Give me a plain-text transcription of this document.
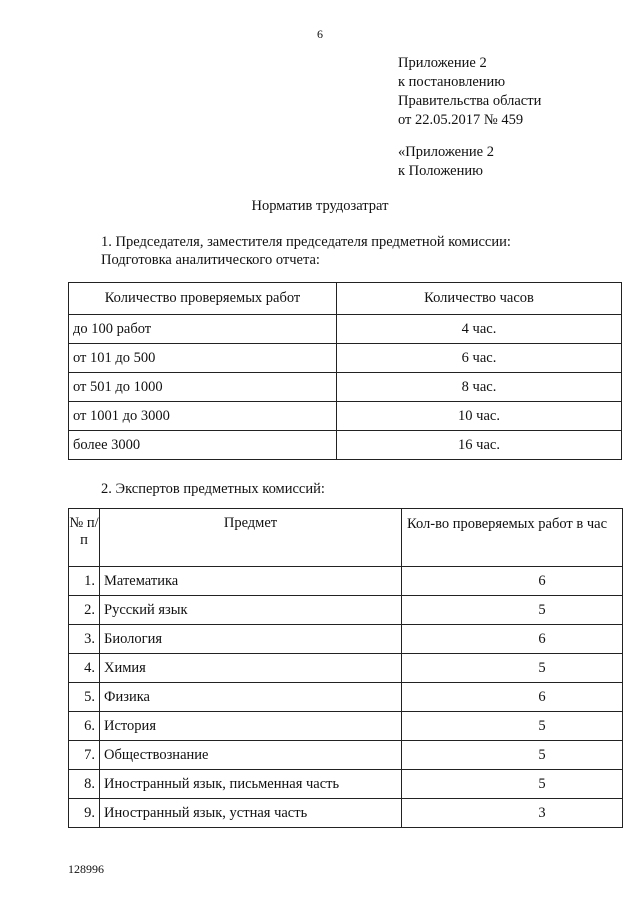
6
Приложение 2
к постановлению
Правительства области
от 22.05.2017 № 459
«Приложение 2
к Положению
Норматив трудозатрат
1. Председателя, заместителя председателя предметной комиссии:
Подготовка аналитического отчета:
Количество проверяемых работ	Количество часов
до 100 работ	4 час.
от 101 до 500	6 час.
от 501 до 1000	8 час.
от 1001 до 3000	10 час.
более 3000	16 час.
2. Экспертов предметных комиссий:
№ п/п	Предмет	Кол-во проверяемых работ в час
1.	Математика	6
2.	Русский язык	5
3.	Биология	6
4.	Химия	5
5.	Физика	6
6.	История	5
7.	Обществознание	5
8.	Иностранный язык, письменная часть	5
9.	Иностранный язык, устная часть	3
128996
